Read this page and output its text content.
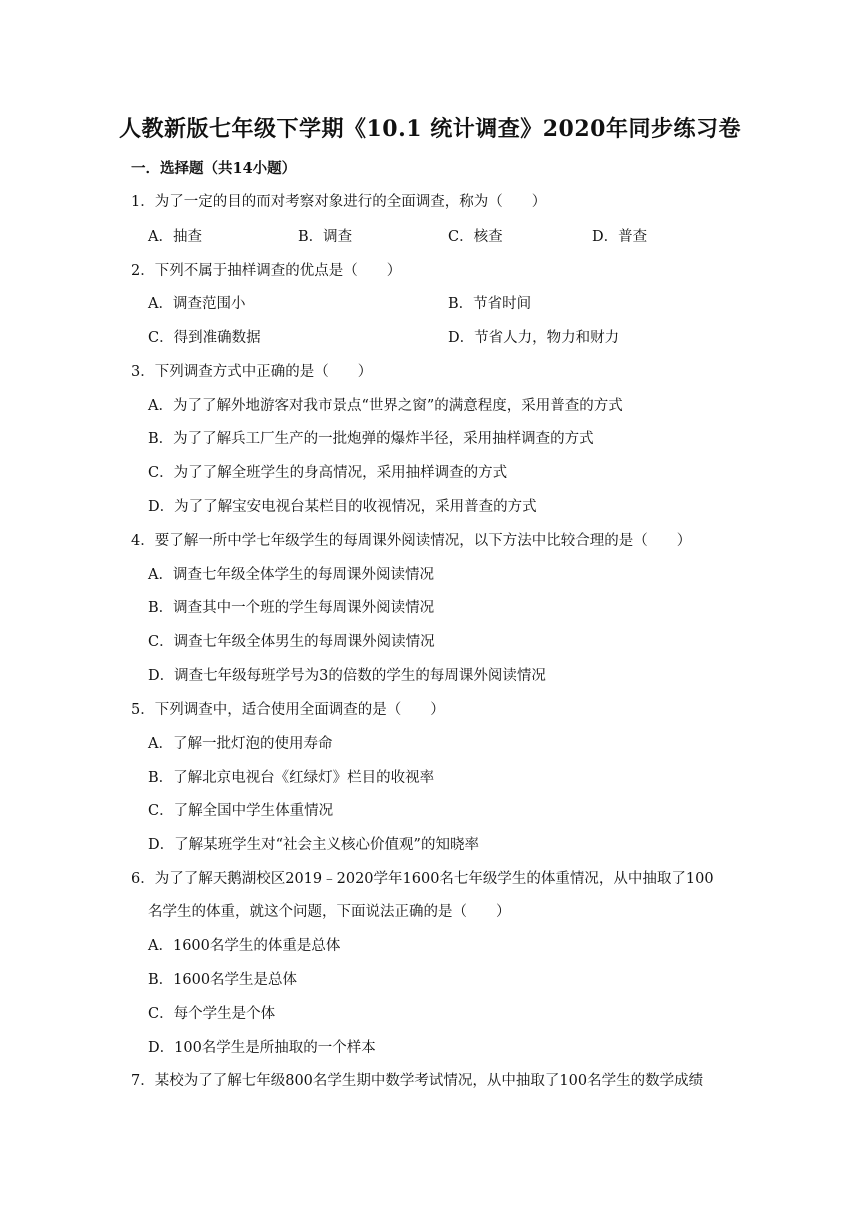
人教新版七年级下学期《10.1 统计调查》2020年同步练习卷
一．选择题（共14小题）
1．为了一定的目的而对考察对象进行的全面调查，称为（　　）
A．抽查	B．调查	C．核查	D．普查
2．下列不属于抽样调查的优点是（　　）
A．调查范围小	B．节省时间
C．得到准确数据	D．节省人力，物力和财力
3．下列调查方式中正确的是（　　）
A．为了了解外地游客对我市景点“世界之窗”的满意程度，采用普查的方式
B．为了了解兵工厂生产的一批炮弹的爆炸半径，采用抽样调查的方式
C．为了了解全班学生的身高情况，采用抽样调查的方式
D．为了了解宝安电视台某栏目的收视情况，采用普查的方式
4．要了解一所中学七年级学生的每周课外阅读情况，以下方法中比较合理的是（　　）
A．调查七年级全体学生的每周课外阅读情况
B．调查其中一个班的学生每周课外阅读情况
C．调查七年级全体男生的每周课外阅读情况
D．调查七年级每班学号为3的倍数的学生的每周课外阅读情况
5．下列调查中，适合使用全面调查的是（　　）
A．了解一批灯泡的使用寿命
B．了解北京电视台《红绿灯》栏目的收视率
C．了解全国中学生体重情况
D．了解某班学生对“社会主义核心价值观”的知晓率
6．为了了解天鹅湖校区2019﹣2020学年1600名七年级学生的体重情况，从中抽取了100
名学生的体重，就这个问题，下面说法正确的是（　　）
A．1600名学生的体重是总体
B．1600名学生是总体
C．每个学生是个体
D．100名学生是所抽取的一个样本
7．某校为了了解七年级800名学生期中数学考试情况，从中抽取了100名学生的数学成绩
